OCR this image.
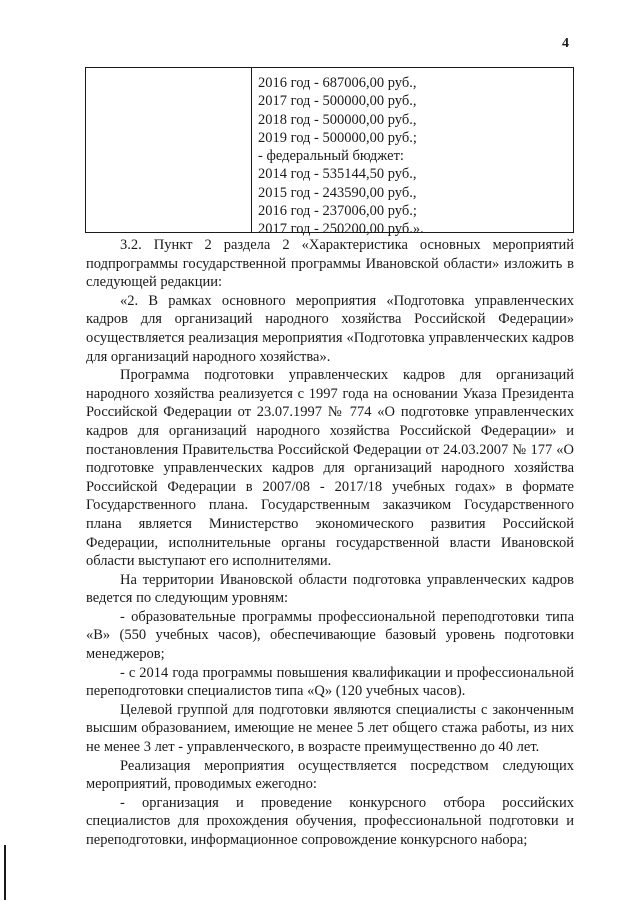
4
2016 год - 687006,00 руб.,
2017 год - 500000,00 руб.,
2018 год - 500000,00 руб.,
2019 год - 500000,00 руб.;
- федеральный бюджет:
2014 год - 535144,50 руб.,
2015 год - 243590,00 руб.,
2016 год - 237006,00 руб.;
2017 год - 250200,00 руб.».

3.2. Пункт 2 раздела 2 «Характеристика основных мероприятий подпрограммы государственной программы Ивановской области» изложить в следующей редакции:

«2. В рамках основного мероприятия «Подготовка управленческих кадров для организаций народного хозяйства Российской Федерации» осуществляется реализация мероприятия «Подготовка управленческих кадров для организаций народного хозяйства».

Программа подготовки управленческих кадров для организаций народного хозяйства реализуется с 1997 года на основании Указа Президента Российской Федерации от 23.07.1997 № 774 «О подготовке управленческих кадров для организаций народного хозяйства Российской Федерации» и постановления Правительства Российской Федерации от 24.03.2007 № 177 «О подготовке управленческих кадров для организаций народного хозяйства Российской Федерации в 2007/08 - 2017/18 учебных годах» в формате Государственного плана. Государственным заказчиком Государственного плана является Министерство экономического развития Российской Федерации, исполнительные органы государственной власти Ивановской области выступают его исполнителями.

На территории Ивановской области подготовка управленческих кадров ведется по следующим уровням:

- образовательные программы профессиональной переподготовки типа «В» (550 учебных часов), обеспечивающие базовый уровень подготовки менеджеров;

- с 2014 года программы повышения квалификации и профессиональной переподготовки специалистов типа «Q» (120 учебных часов).

Целевой группой для подготовки являются специалисты с законченным высшим образованием, имеющие не менее 5 лет общего стажа работы, из них не менее 3 лет - управленческого, в возрасте преимущественно до 40 лет.

Реализация мероприятия осуществляется посредством следующих мероприятий, проводимых ежегодно:

- организация и проведение конкурсного отбора российских специалистов для прохождения обучения, профессиональной подготовки и переподготовки, информационное сопровождение конкурсного набора;
